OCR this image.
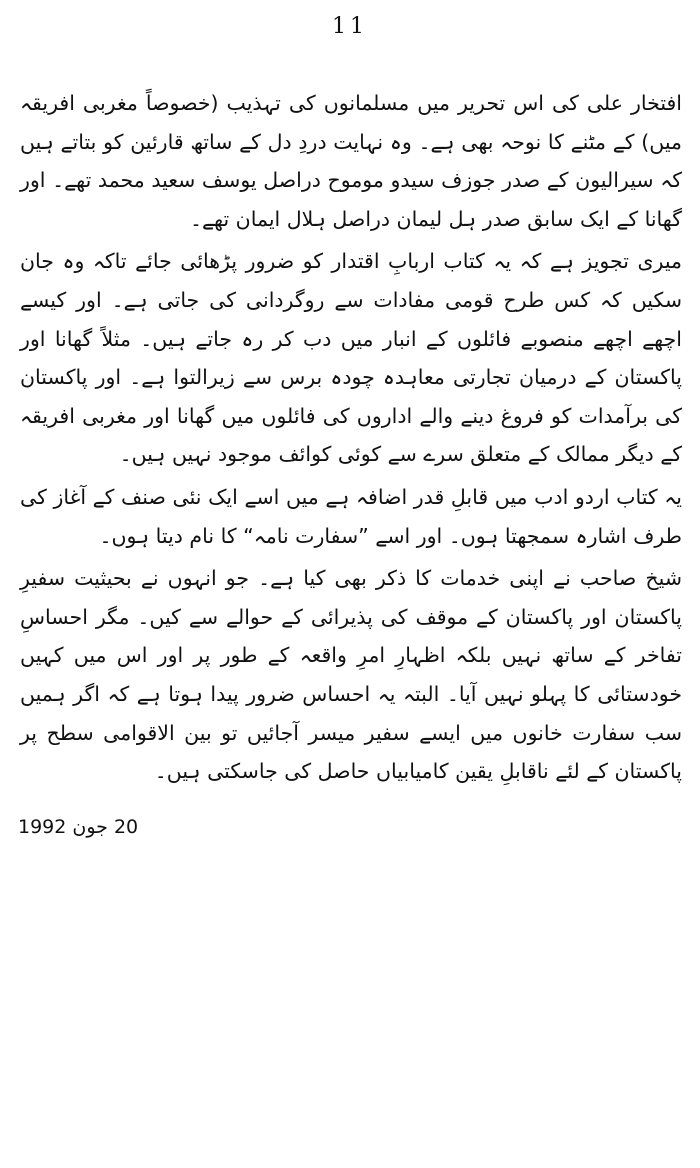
11

افتخار علی کی اس تحریر میں مسلمانوں کی تہذیب (خصوصاً مغربی افریقہ میں) کے مٹنے کا نوحہ بھی ہے۔ وہ نہایت دردِ دل کے ساتھ قارئین کو بتاتے ہیں کہ سیرالیون کے صدر جوزف سیدو موموح دراصل یوسف سعید محمد تھے۔ اور گھانا کے ایک سابق صدر ہل لیمان دراصل ہلال ایمان تھے۔

میری تجویز ہے کہ یہ کتاب اربابِ اقتدار کو ضرور پڑھائی جائے تاکہ وہ جان سکیں کہ کس طرح قومی مفادات سے روگردانی کی جاتی ہے۔ اور کیسے اچھے اچھے منصوبے فائلوں کے انبار میں دب کر رہ جاتے ہیں۔ مثلاً گھانا اور پاکستان کے درمیان تجارتی معاہدہ چودہ برس سے زیرالتوا ہے۔ اور پاکستان کی برآمدات کو فروغ دینے والے اداروں کی فائلوں میں گھانا اور مغربی افریقہ کے دیگر ممالک کے متعلق سرے سے کوئی کوائف موجود نہیں ہیں۔

یہ کتاب اردو ادب میں قابلِ قدر اضافہ ہے میں اسے ایک نئی صنف کے آغاز کی طرف اشارہ سمجھتا ہوں۔ اور اسے ”سفارت نامہ“ کا نام دیتا ہوں۔

شیخ صاحب نے اپنی خدمات کا ذکر بھی کیا ہے۔ جو انہوں نے بحیثیت سفیرِ پاکستان اور پاکستان کے موقف کی پذیرائی کے حوالے سے کیں۔ مگر احساسِ تفاخر کے ساتھ نہیں بلکہ اظہارِ امرِ واقعہ کے طور پر اور اس میں کہیں خودستائی کا پہلو نہیں آیا۔ البتہ یہ احساس ضرور پیدا ہوتا ہے کہ اگر ہمیں سب سفارت خانوں میں ایسے سفیر میسر آجائیں تو بین الاقوامی سطح پر پاکستان کے لئے ناقابلِ یقین کامیابیاں حاصل کی جاسکتی ہیں۔

20 جون 1992
